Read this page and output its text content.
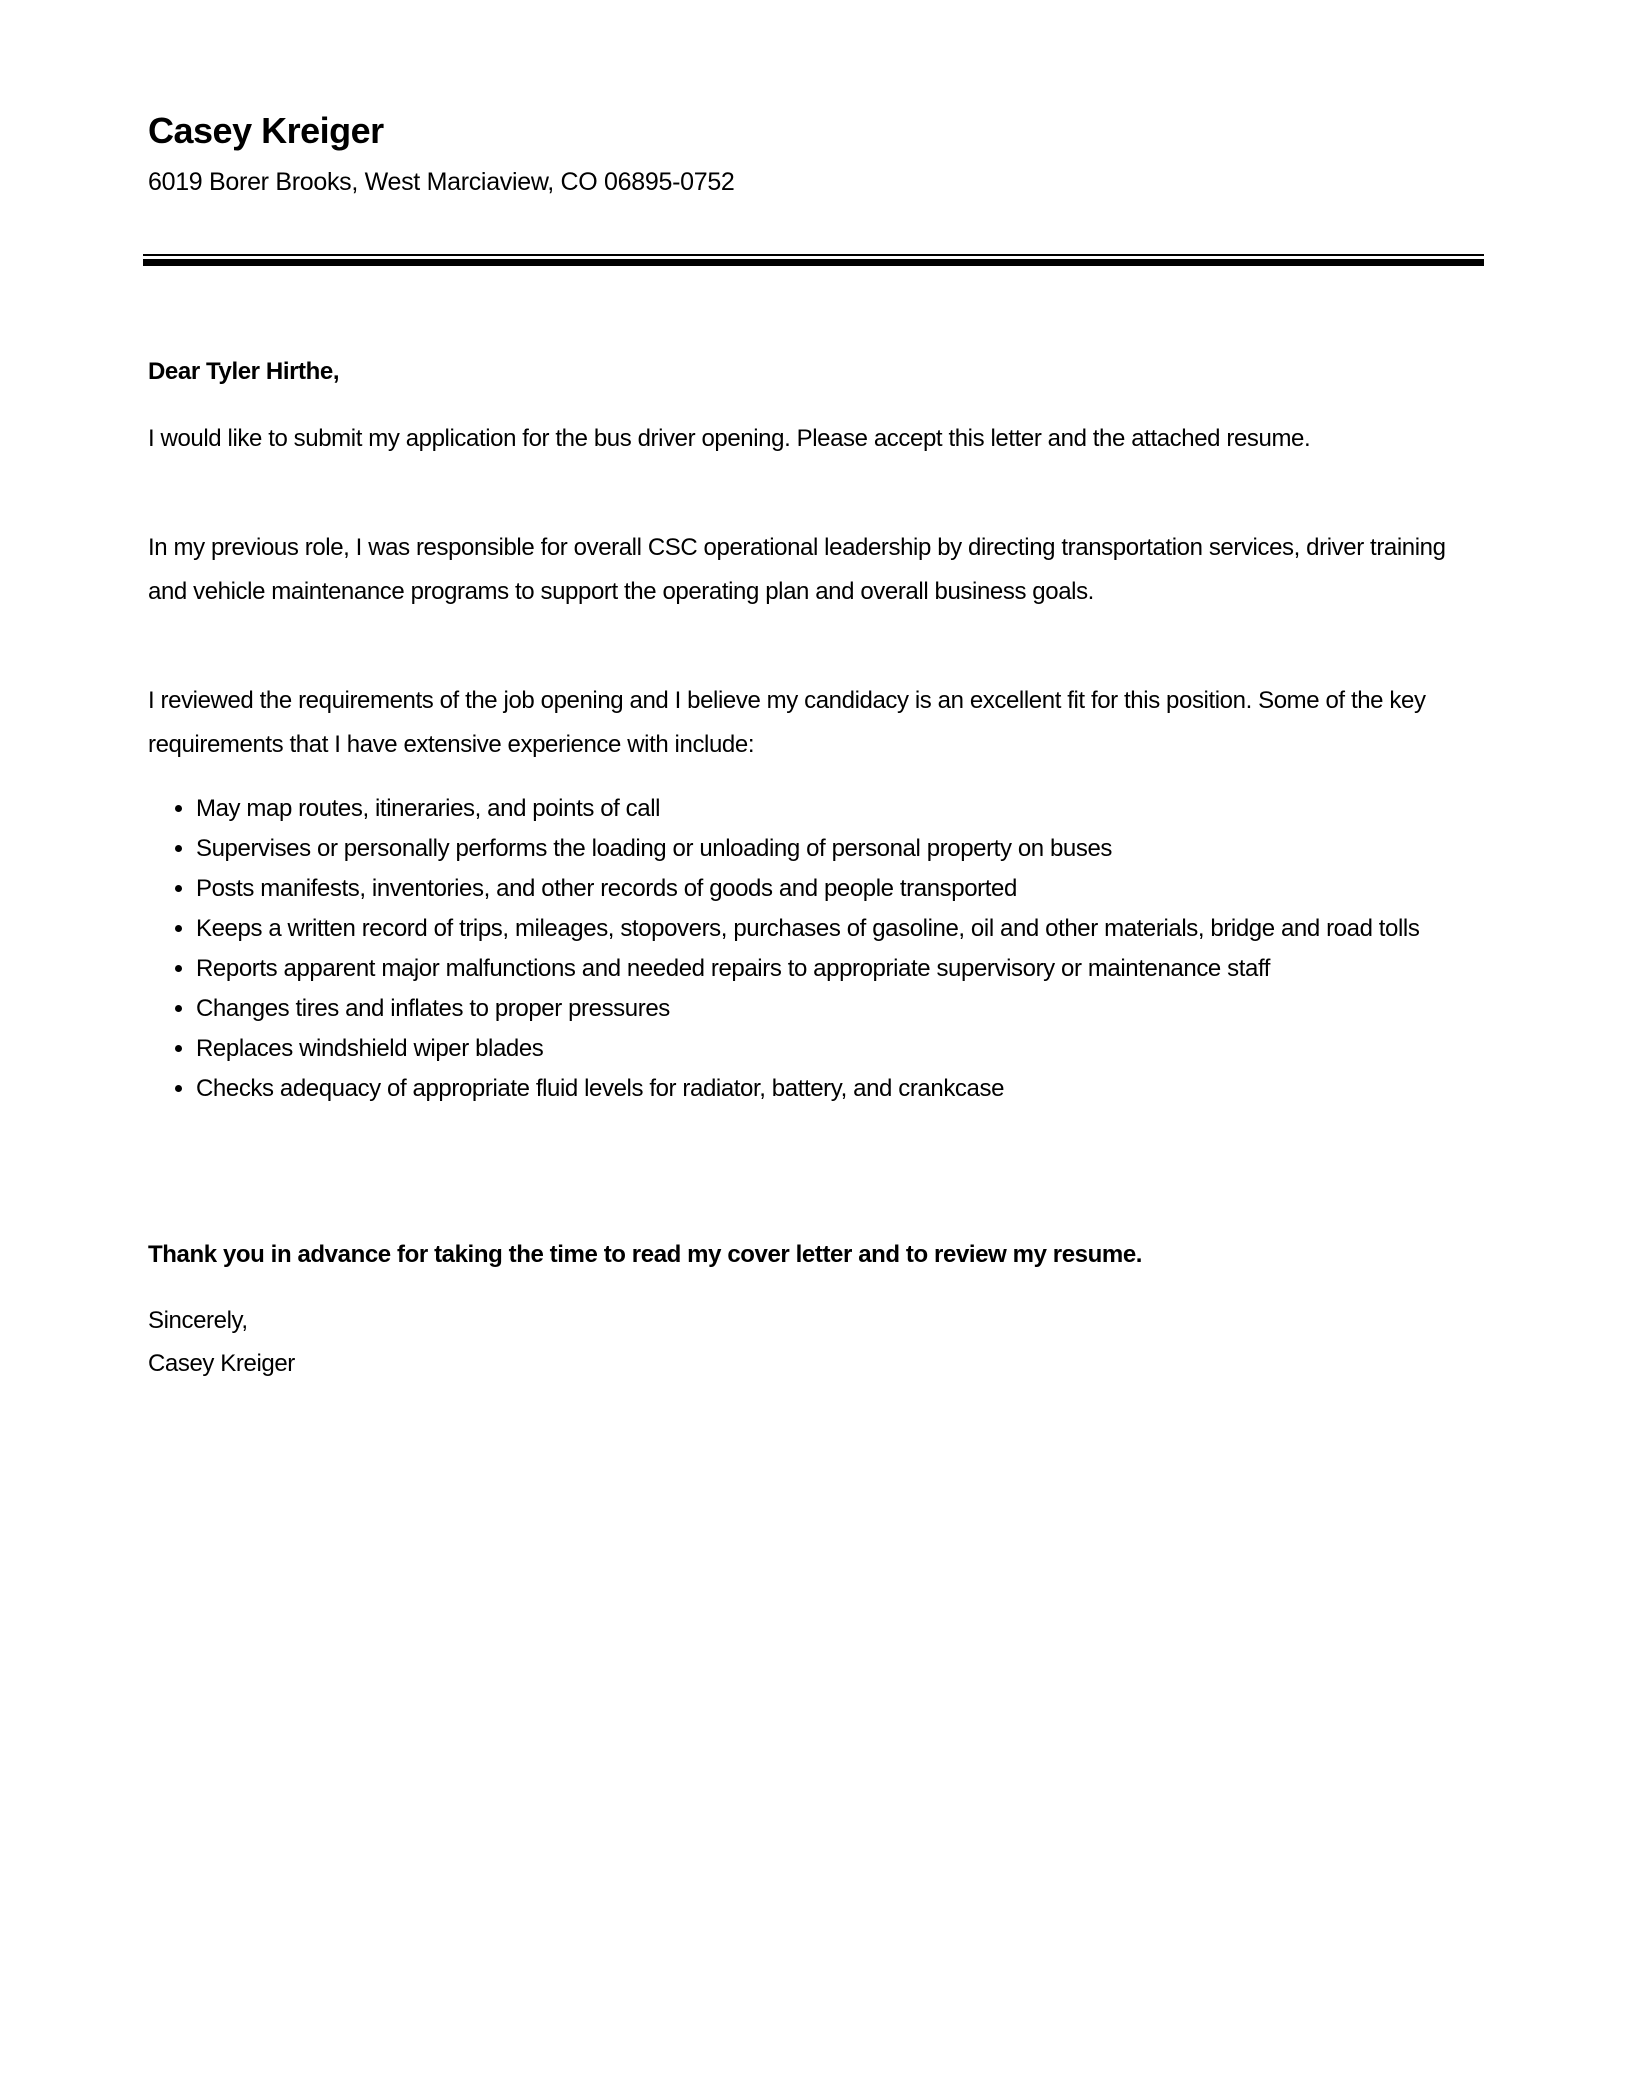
Casey Kreiger
6019 Borer Brooks, West Marciaview, CO 06895-0752

Dear Tyler Hirthe,

I would like to submit my application for the bus driver opening. Please accept this letter and the attached resume.

In my previous role, I was responsible for overall CSC operational leadership by directing transportation services, driver training and vehicle maintenance programs to support the operating plan and overall business goals.

I reviewed the requirements of the job opening and I believe my candidacy is an excellent fit for this position. Some of the key requirements that I have extensive experience with include:

• May map routes, itineraries, and points of call
• Supervises or personally performs the loading or unloading of personal property on buses
• Posts manifests, inventories, and other records of goods and people transported
• Keeps a written record of trips, mileages, stopovers, purchases of gasoline, oil and other materials, bridge and road tolls
• Reports apparent major malfunctions and needed repairs to appropriate supervisory or maintenance staff
• Changes tires and inflates to proper pressures
• Replaces windshield wiper blades
• Checks adequacy of appropriate fluid levels for radiator, battery, and crankcase

Thank you in advance for taking the time to read my cover letter and to review my resume.

Sincerely,

Casey Kreiger
